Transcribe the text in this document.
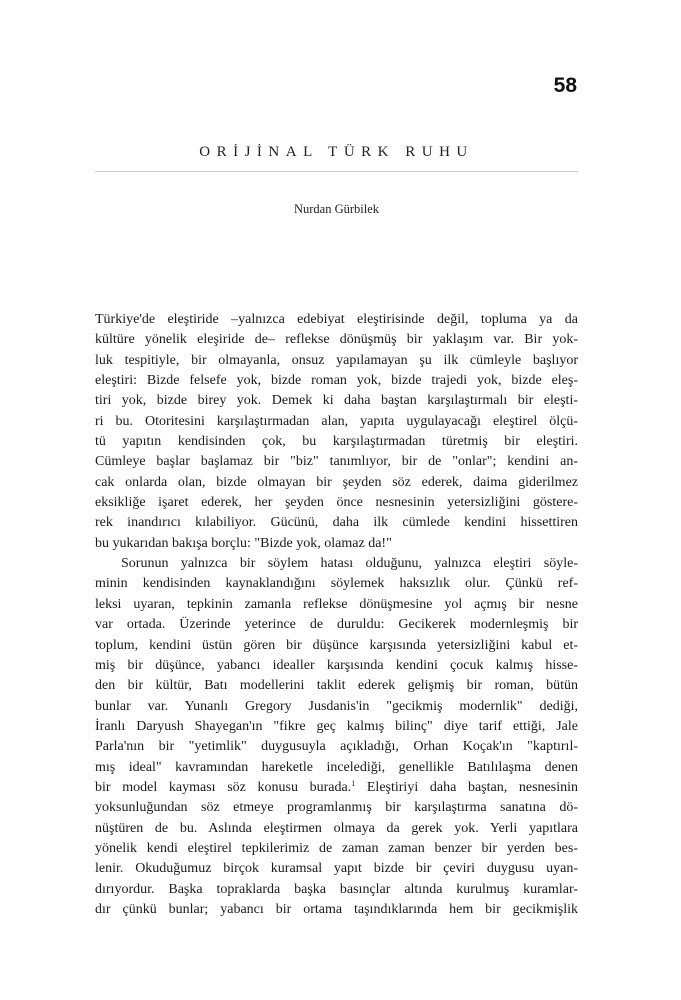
58
ORİJİNAL TÜRK RUHU
Nurdan Gürbilek
Türkiye'de eleştiride –yalnızca edebiyat eleştirisinde değil, topluma ya da
kültüre yönelik eleşiride de– reflekse dönüşmüş bir yaklaşım var. Bir yok-
luk tespitiyle, bir olmayanla, onsuz yapılamayan şu ilk cümleyle başlıyor
eleştiri: Bizde felsefe yok, bizde roman yok, bizde trajedi yok, bizde eleş-
tiri yok, bizde birey yok. Demek ki daha baştan karşılaştırmalı bir eleşti-
ri bu. Otoritesini karşılaştırmadan alan, yapıta uygulayacağı eleştirel ölçü-
tü yapıtın kendisinden çok, bu karşılaştırmadan türetmiş bir eleştiri.
Cümleye başlar başlamaz bir "biz" tanımlıyor, bir de "onlar"; kendini an-
cak onlarda olan, bizde olmayan bir şeyden söz ederek, daima giderilmez
eksikliğe işaret ederek, her şeyden önce nesnesinin yetersizliğini göstere-
rek inandırıcı kılabiliyor. Gücünü, daha ilk cümlede kendini hissettiren
bu yukarıdan bakışa borçlu: "Bizde yok, olamaz da!"
Sorunun yalnızca bir söylem hatası olduğunu, yalnızca eleştiri söyle-
minin kendisinden kaynaklandığını söylemek haksızlık olur. Çünkü ref-
leksi uyaran, tepkinin zamanla reflekse dönüşmesine yol açmış bir nesne
var ortada. Üzerinde yeterince de duruldu: Gecikerek modernleşmiş bir
toplum, kendini üstün gören bir düşünce karşısında yetersizliğini kabul et-
miş bir düşünce, yabancı idealler karşısında kendini çocuk kalmış hisse-
den bir kültür, Batı modellerini taklit ederek gelişmiş bir roman, bütün
bunlar var. Yunanlı Gregory Jusdanis'in "gecikmiş modernlik" dediği,
İranlı Daryush Shayegan'ın "fikre geç kalmış bilinç" diye tarif ettiği, Jale
Parla'nın bir "yetimlik" duygusuyla açıkladığı, Orhan Koçak'ın "kaptırıl-
mış ideal" kavramından hareketle incelediği, genellikle Batılılaşma denen
bir model kayması söz konusu burada.$^1$ Eleştiriyi daha baştan, nesnesinin
yoksunluğundan söz etmeye programlanmış bir karşılaştırma sanatına dö-
nüştüren de bu. Aslında eleştirmen olmaya da gerek yok. Yerli yapıtlara
yönelik kendi eleştirel tepkilerimiz de zaman zaman benzer bir yerden bes-
lenir. Okuduğumuz birçok kuramsal yapıt bizde bir çeviri duygusu uyan-
dırıyordur. Başka topraklarda başka basınçlar altında kurulmuş kuramlar-
dır çünkü bunlar; yabancı bir ortama taşındıklarında hem bir gecikmişlik
